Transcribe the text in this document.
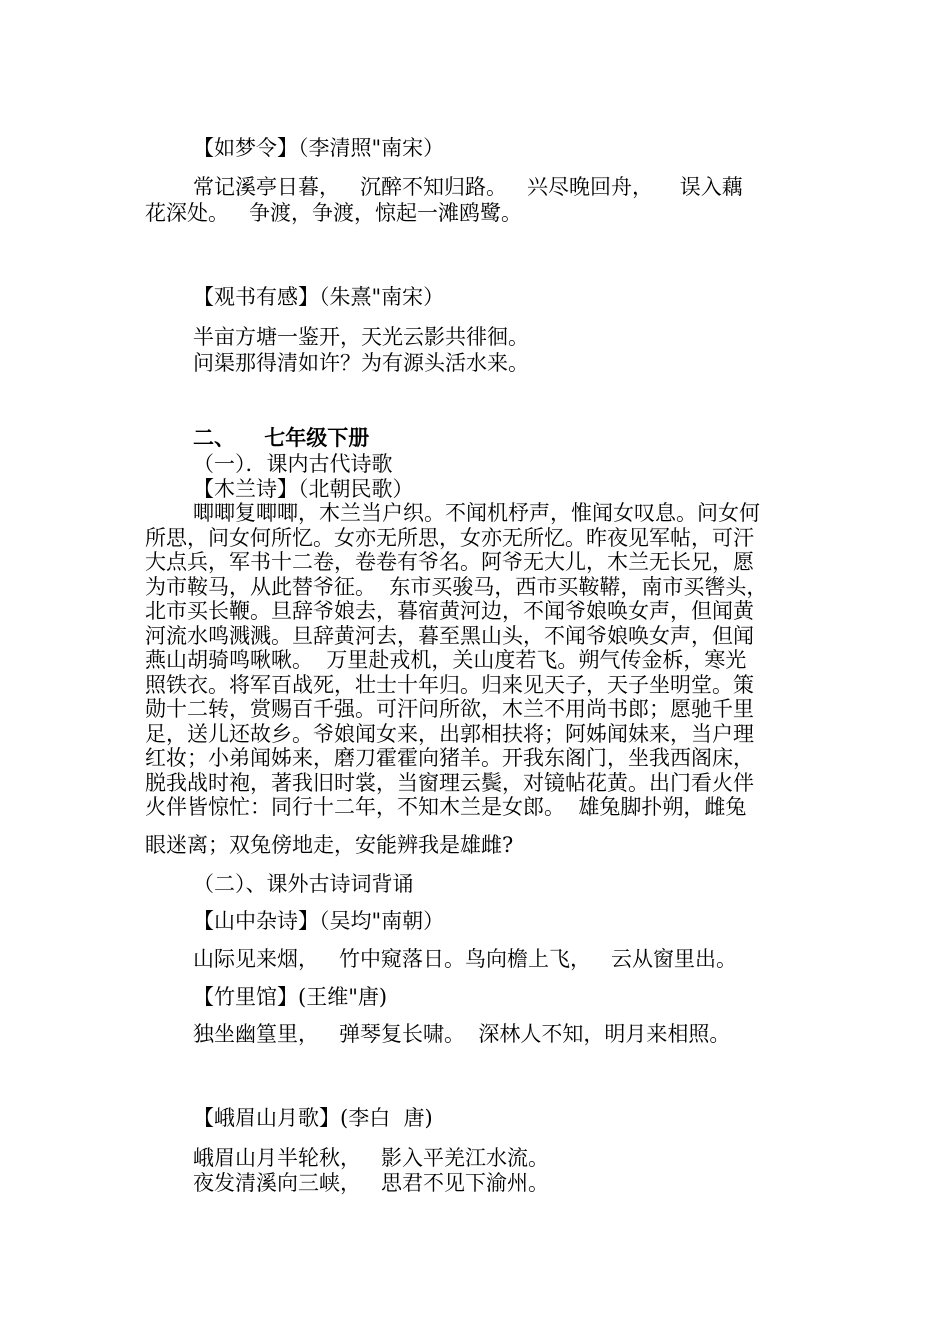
【如梦令】（李清照"南宋）

常记溪亭日暮，   沉醉不知归路。   兴尽晚回舟，    误入藕

花深处。   争渡，争渡，惊起一滩鸥鹭。

【观书有感】（朱熹"南宋）

半亩方塘一鉴开，天光云影共徘徊。

问渠那得清如许？为有源头活水来。

二、    七年级下册

（一）．课内古代诗歌

【木兰诗】（北朝民歌）

唧唧复唧唧，木兰当户织。不闻机杼声，惟闻女叹息。问女何

所思，问女何所忆。女亦无所思，女亦无所忆。昨夜见军帖，可汗

大点兵，军书十二卷，卷卷有爷名。阿爷无大儿，木兰无长兄，愿

为市鞍马，从此替爷征。  东市买骏马，西市买鞍鞯，南市买辔头，

北市买长鞭。旦辞爷娘去，暮宿黄河边，不闻爷娘唤女声，但闻黄

河流水鸣溅溅。旦辞黄河去，暮至黑山头，不闻爷娘唤女声，但闻

燕山胡骑鸣啾啾。  万里赴戎机，关山度若飞。朔气传金柝，寒光

照铁衣。将军百战死，壮士十年归。归来见天子，天子坐明堂。策

勋十二转，赏赐百千强。可汗问所欲，木兰不用尚书郎；愿驰千里

足，送儿还故乡。爷娘闻女来，出郭相扶将；阿姊闻妹来，当户理

红妆；小弟闻姊来，磨刀霍霍向猪羊。开我东阁门，坐我西阁床，

脱我战时袍，著我旧时裳，当窗理云鬓，对镜帖花黄。出门看火伴

火伴皆惊忙：同行十二年，不知木兰是女郎。  雄兔脚扑朔，雌兔

眼迷离；双兔傍地走，安能辨我是雄雌?

（二）、课外古诗词背诵

【山中杂诗】（吴均"南朝）

山际见来烟，   竹中窥落日。鸟向檐上飞，   云从窗里出。

【竹里馆】(王维"唐)

独坐幽篁里，   弹琴复长啸。  深林人不知，明月来相照。

【峨眉山月歌】(李白  唐)

峨眉山月半轮秋，   影入平羌江水流。

夜发清溪向三峡，   思君不见下渝州。
